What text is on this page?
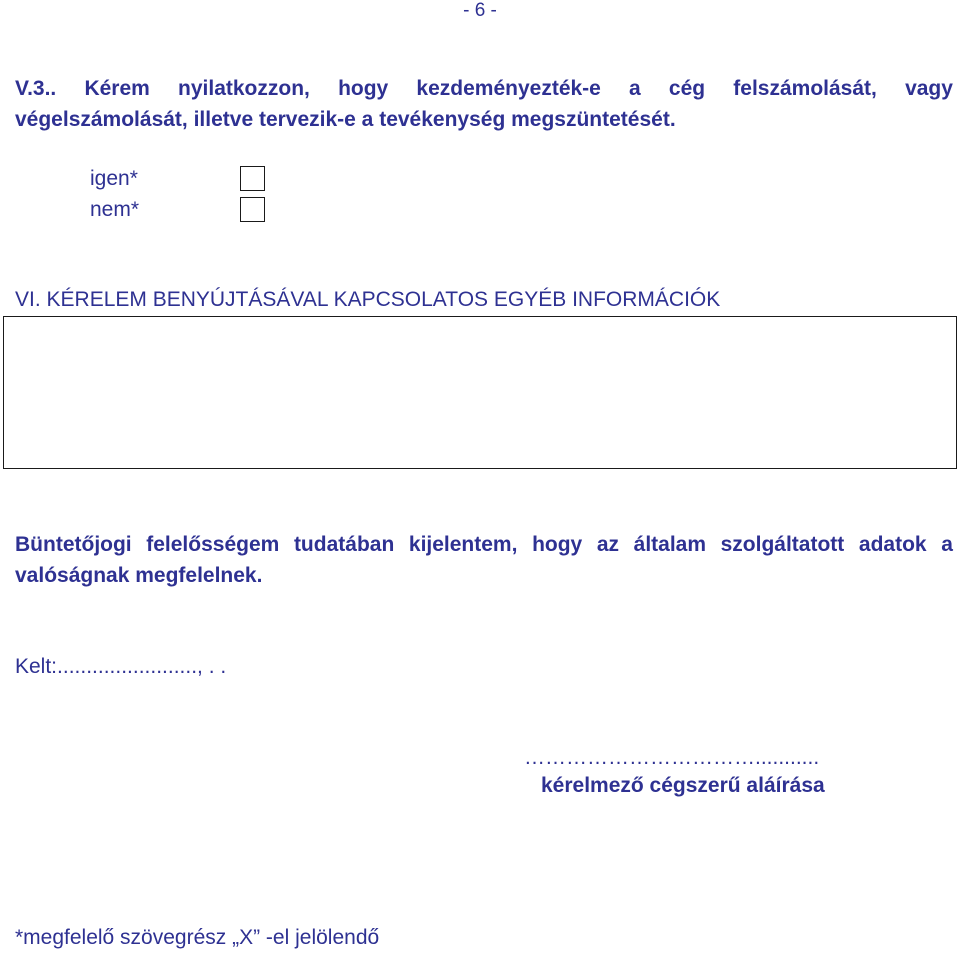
- 6 -
V.3.. Kérem nyilatkozzon, hogy kezdeményezték-e a cég felszámolását, vagy
végelszámolását, illetve tervezik-e a tevékenység megszüntetését.
igen*
nem*
VI. KÉRELEM BENYÚJTÁSÁVAL KAPCSOLATOS EGYÉB INFORMÁCIÓK
Büntetőjogi felelősségem tudatában kijelentem, hogy az általam szolgáltatott adatok a
valóságnak megfelelnek.
Kelt:........................, . .
……………………………...........
kérelmező cégszerű aláírása
*megfelelő szövegrész „X” -el jelölendő
